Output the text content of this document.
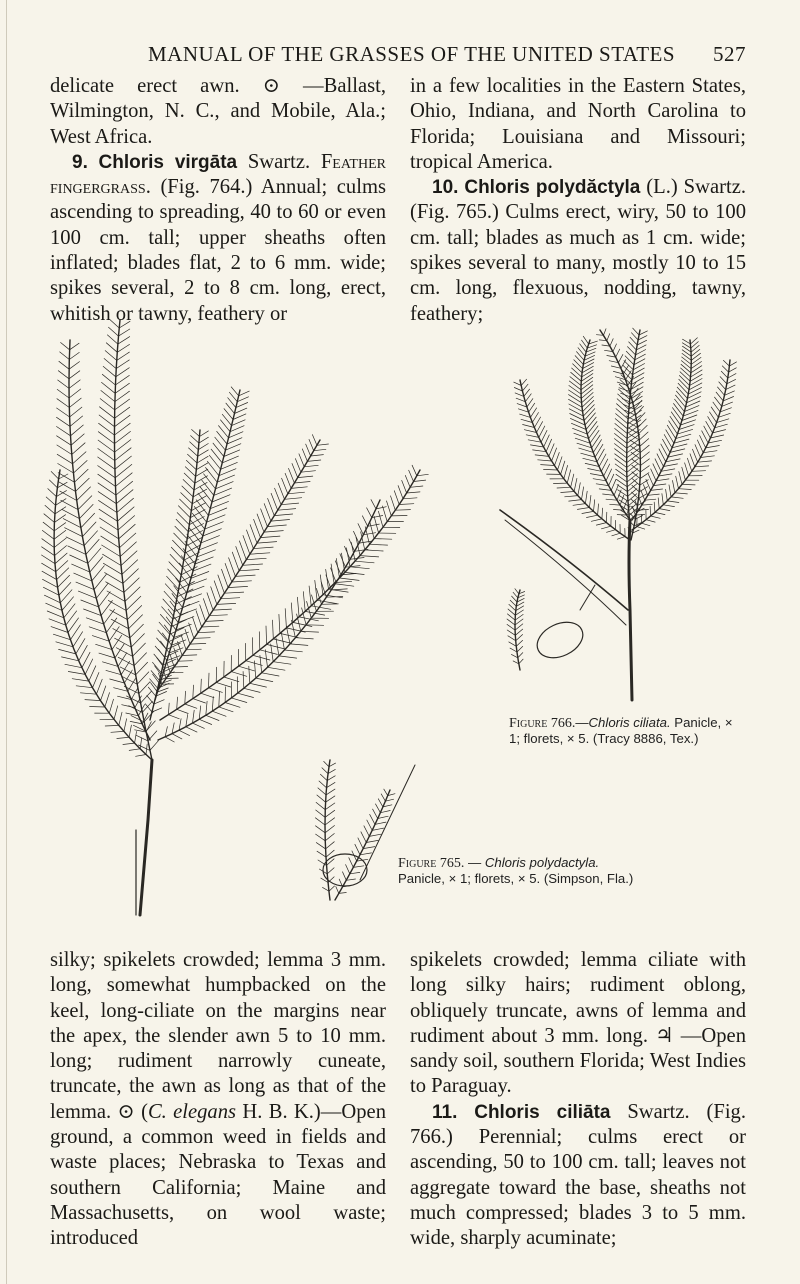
MANUAL OF THE GRASSES OF THE UNITED STATES 527

delicate erect awn. ⊙ —Ballast, Wilmington, N. C., and Mobile, Ala.; West Africa.

9. Chloris virgāta Swartz. Feather fingergrass. (Fig. 764.) Annual; culms ascending to spreading, 40 to 60 or even 100 cm. tall; upper sheaths often inflated; blades flat, 2 to 6 mm. wide; spikes several, 2 to 8 cm. long, erect, whitish or tawny, feathery or

in a few localities in the Eastern States, Ohio, Indiana, and North Carolina to Florida; Louisiana and Missouri; tropical America.

10. Chloris polydăctyla (L.) Swartz. (Fig. 765.) Culms erect, wiry, 50 to 100 cm. tall; blades as much as 1 cm. wide; spikes several to many, mostly 10 to 15 cm. long, flexuous, nodding, tawny, feathery;

Figure 766.—Chloris ciliata. Panicle, × 1; florets, × 5. (Tracy 8886, Tex.)
Figure 765. — Chloris polydactyla. Panicle, × 1; florets, × 5. (Simpson, Fla.)

silky; spikelets crowded; lemma 3 mm. long, somewhat humpbacked on the keel, long-ciliate on the margins near the apex, the slender awn 5 to 10 mm. long; rudiment narrowly cuneate, truncate, the awn as long as that of the lemma. ⊙ (C. elegans H. B. K.)—Open ground, a common weed in fields and waste places; Nebraska to Texas and southern California; Maine and Massachusetts, on wool waste; introduced

spikelets crowded; lemma ciliate with long silky hairs; rudiment oblong, obliquely truncate, awns of lemma and rudiment about 3 mm. long. ♃ —Open sandy soil, southern Florida; West Indies to Paraguay.

11. Chloris ciliāta Swartz. (Fig. 766.) Perennial; culms erect or ascending, 50 to 100 cm. tall; leaves not aggregate toward the base, sheaths not much compressed; blades 3 to 5 mm. wide, sharply acuminate;
